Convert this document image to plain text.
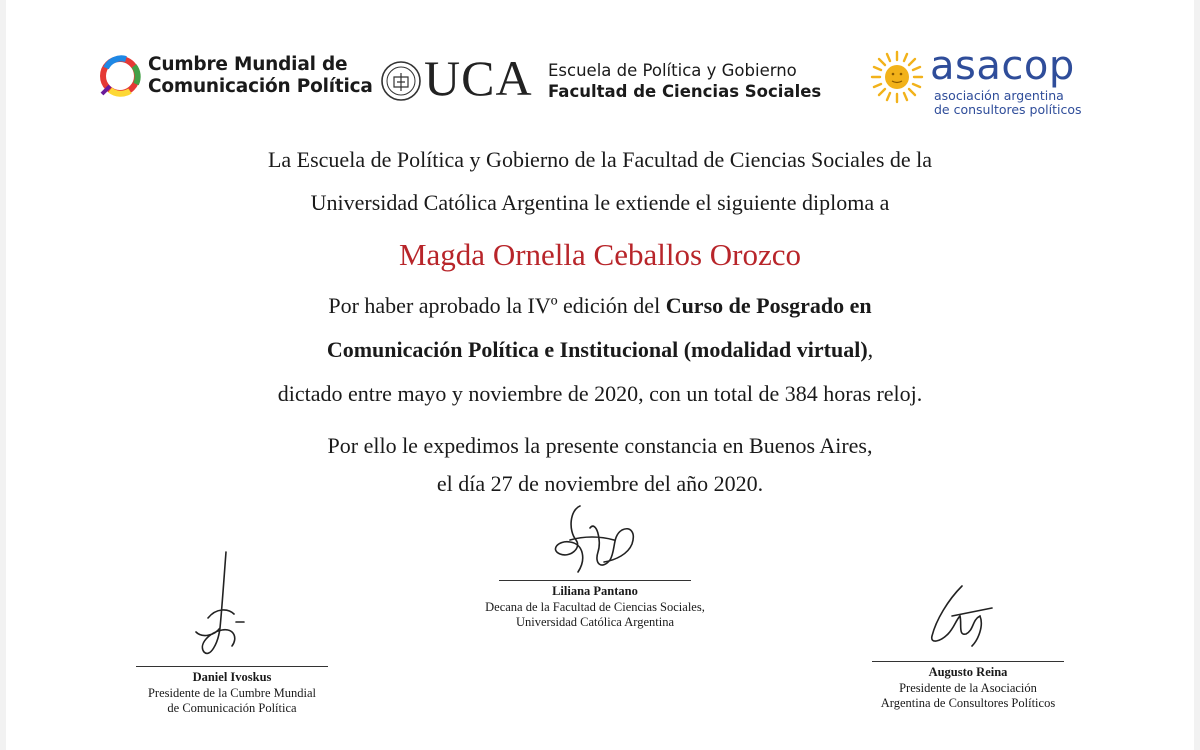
Cumbre Mundial de
Comunicación Política UCA Escuela de Política y Gobierno
Facultad de Ciencias Sociales
asacop
asociación argentina
de consultores políticos
La Escuela de Política y Gobierno de la Facultad de Ciencias Sociales de la
Universidad Católica Argentina le extiende el siguiente diploma a
Magda Ornella Ceballos Orozco
Por haber aprobado la IVº edición del Curso de Posgrado en
Comunicación Política e Institucional (modalidad virtual),
dictado entre mayo y noviembre de 2020, con un total de 384 horas reloj.
Por ello le expedimos la presente constancia en Buenos Aires,
el día 27 de noviembre del año 2020.
Liliana Pantano
Decana de la Facultad de Ciencias Sociales,
Universidad Católica Argentina
Daniel Ivoskus
Presidente de la Cumbre Mundial
de Comunicación Política
Augusto Reina
Presidente de la Asociación
Argentina de Consultores Políticos
